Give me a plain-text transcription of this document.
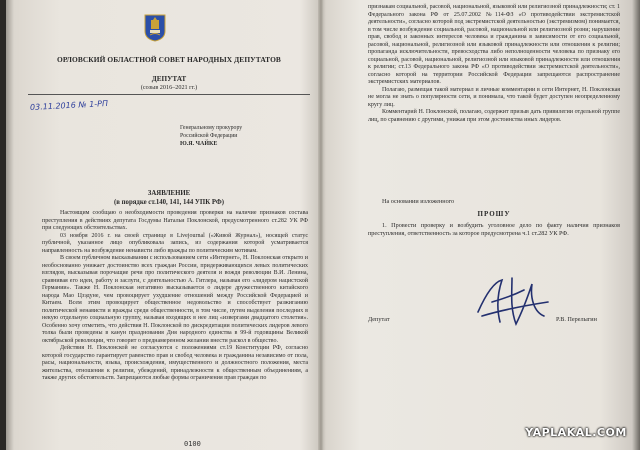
ОРЛОВСКИЙ ОБЛАСТНОЙ СОВЕТ НАРОДНЫХ ДЕПУТАТОВ
ДЕПУТАТ
(созыв 2016–2021 гг.)
03.11.2016 № 1-РП
Генеральному прокурору
Российской Федерации
Ю.Я. ЧАЙКЕ
ЗАЯВЛЕНИЕ
(в порядке ст.140, 141, 144 УПК РФ)

Настоящим сообщаю о необходимости проведения проверки на наличие признаков состава преступления в действиях депутата Госдумы Натальи Поклонской, предусмотренного ст.282 УК РФ при следующих обстоятельствах.

03 ноября 2016 г. на своей странице в Livejournal («Живой Журнал»), носящей статус публичной, указанное лицо опубликовала запись, из содержания которой усматривается направленность на возбуждение ненависти либо вражды по политическим мотивам.

В своем публичном высказывании с использованием сети «Интернет», Н. Поклонская открыто и необоснованно унижает достоинство всех граждан России, придерживающихся левых политических взглядов, высказывая порочащие речи про политического деятеля и вождя революции В.И. Ленина, сравнивая его идеи, работу и заслуги, с деятельностью А. Гитлера, называя его «лидером нацистской Германии». Также Н. Поклонская негативно высказывается о лидере дружественного китайского народа Мао Цзэдуне, чем провоцирует ухудшение отношений между Российской Федерацией и Китаем. Всем этим провоцирует общественное недовольство и способствует разжиганию политической ненависти и вражды среди общественности, в том числе, путем выделения последних в некую отдельную социальную группу, называя входящих в нее лиц «извергами двадцатого столетия». Особенно хочу отметить, что действия Н. Поклонской по дискредитации политических лидеров левого толка были проведены в канун празднования Дня народного единства в 99-й годовщины Великой октябрьской революции, что говорит о преднамеренном желании внести раскол в общество.

Действия Н. Поклонской не согласуются с положениями ст.19 Конституции РФ, согласно которой государство гарантирует равенство прав и свобод человека и гражданина независимо от пола, расы, национальности, языка, происхождения, имущественного и должностного положения, места жительства, отношения к религии, убеждений, принадлежности к общественным объединениям, а также других обстоятельств. Запрещаются любые формы ограничения прав граждан по

0100

признакам социальной, расовой, национальной, языковой или религиозной принадлежности; ст. 1 Федерального закона РФ от 25.07.2002 №114-ФЗ «О противодействии экстремистской деятельности», согласно которой под экстремистской деятельностью (экстремизмом) понимается, в том числе возбуждение социальной, расовой, национальной или религиозной розни; нарушение прав, свобод и законных интересов человека и гражданина в зависимости от его социальной, расовой, национальной, религиозной или языковой принадлежности или отношения к религии; пропаганда исключительности, превосходства либо неполноценности человека по признаку его социальной, расовой, национальной, религиозной или языковой принадлежности или отношения к религии; ст.13 Федерального закона РФ «О противодействии экстремистской деятельности», согласно которой на территории Российской Федерации запрещаются распространение экстремистских материалов.

Полагаю, размещая такой материал и личные комментарии в сети Интернет, Н. Поклонская не могла не знать о популярности сети, и понимала, что такой будет доступен неопределенному кругу лиц.

Комментарий Н. Поклонской, полагаю, содержит призыв дать привилегии отдельной группе лиц, по сравнению с другими, унижая при этом достоинства иных лидеров.

На основании изложенного
ПРОШУ
1. Провести проверку и возбудить уголовное дело по факту наличия признаков преступления, ответственность за которое предусмотрена ч.1 ст.282 УК РФ.
Депутат	Р.В. Перелыгин
YAPLAKAL.COM
